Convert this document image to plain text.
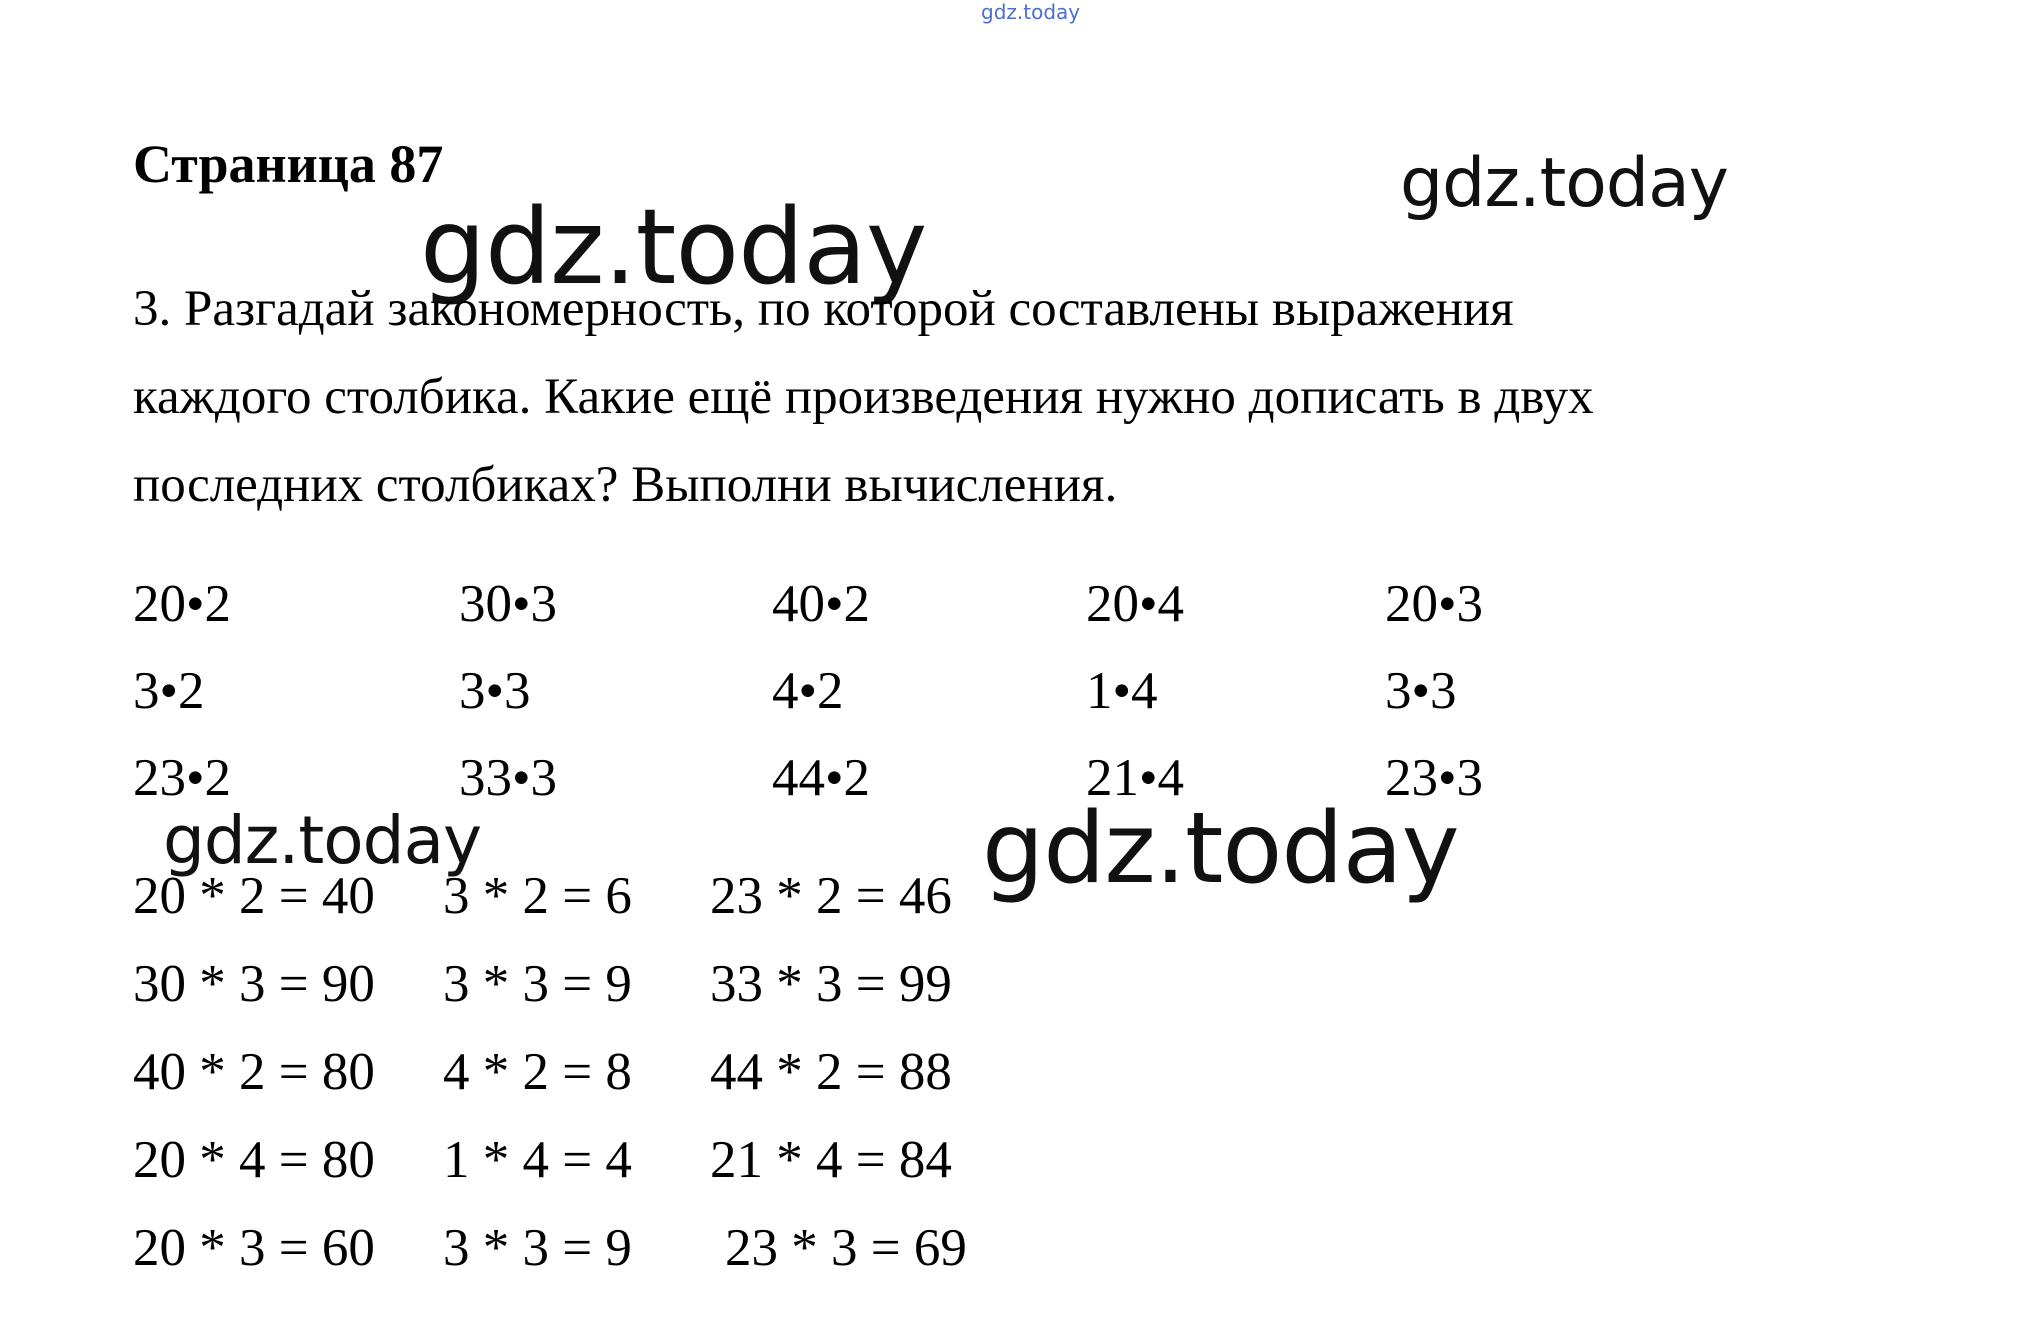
gdz.today
gdz.today
Страница 87
gdz.today
3. Разгадай закономерность, по которой составлены выражения
каждого столбика. Какие ещё произведения нужно дописать в двух
последних столбиках? Выполни вычисления.
20•2
3•2
23•2
30•3
3•3
33•3
40•2
4•2
44•2
20•4
1•4
21•4
20•3
3•3
23•3
gdz.today	gdz.today
20 * 2 = 40 3 * 2 = 6 23 * 2 = 46
30 * 3 = 90 3 * 3 = 9 33 * 3 = 99
40 * 2 = 80 4 * 2 = 8 44 * 2 = 88
20 * 4 = 80 1 * 4 = 4 21 * 4 = 84
20 * 3 = 60 3 * 3 = 9 23 * 3 = 69
